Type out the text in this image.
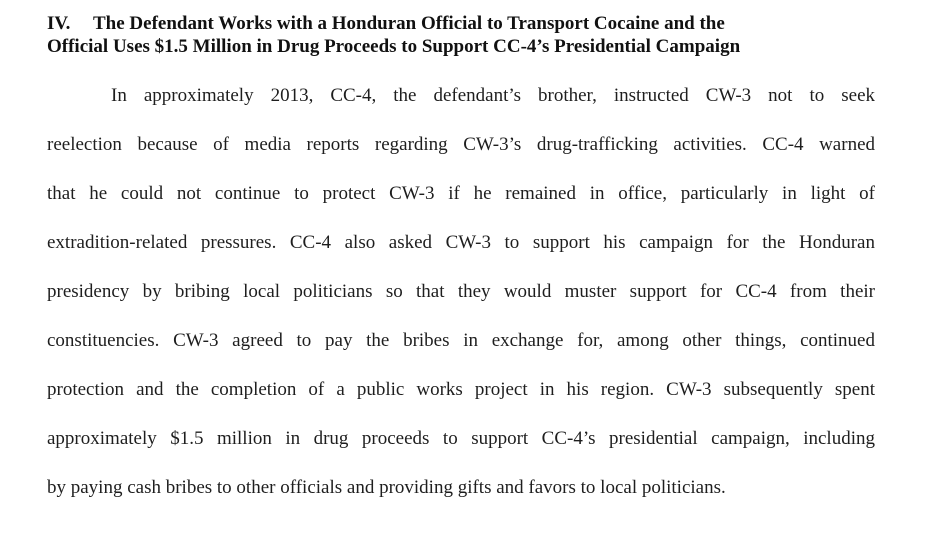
IV. The Defendant Works with a Honduran Official to Transport Cocaine and the
Official Uses $1.5 Million in Drug Proceeds to Support CC-4’s Presidential Campaign
In approximately 2013, CC-4, the defendant’s brother, instructed CW-3 not to seek
reelection because of media reports regarding CW-3’s drug-trafficking activities. CC-4 warned
that he could not continue to protect CW-3 if he remained in office, particularly in light of
extradition-related pressures. CC-4 also asked CW-3 to support his campaign for the Honduran
presidency by bribing local politicians so that they would muster support for CC-4 from their
constituencies. CW-3 agreed to pay the bribes in exchange for, among other things, continued
protection and the completion of a public works project in his region. CW-3 subsequently spent
approximately $1.5 million in drug proceeds to support CC-4’s presidential campaign, including
by paying cash bribes to other officials and providing gifts and favors to local politicians.
